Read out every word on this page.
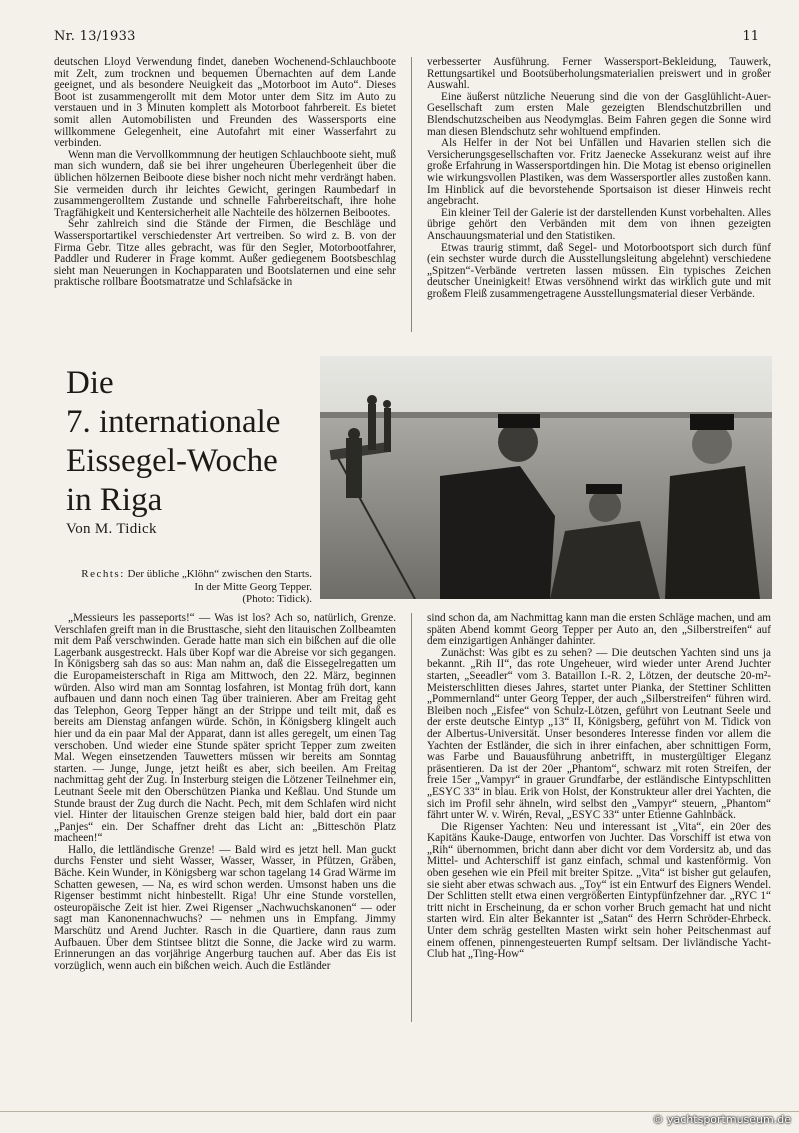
Nr. 13/1933	11

deutschen Lloyd Verwendung findet, daneben Wochenend-Schlauchboote mit Zelt, zum trocknen und bequemen Übernachten auf dem Lande geeignet, und als besondere Neuigkeit das „Motorboot im Auto“. Dieses Boot ist zusammengerollt mit dem Motor unter dem Sitz im Auto zu verstauen und in 3 Minuten komplett als Motorboot fahrbereit. Es bietet somit allen Automobilisten und Freunden des Wassersports eine willkommene Gelegenheit, eine Autofahrt mit einer Wasserfahrt zu verbinden.

Wenn man die Vervollkommnung der heutigen Schlauchboote sieht, muß man sich wundern, daß sie bei ihrer ungeheuren Überlegenheit über die üblichen hölzernen Beiboote diese bisher noch nicht mehr verdrängt haben. Sie vermeiden durch ihr leichtes Gewicht, geringen Raumbedarf in zusammengerolltem Zustande und schnelle Fahrbereitschaft, ihre hohe Tragfähigkeit und Kentersicherheit alle Nachteile des hölzernen Beibootes.

Sehr zahlreich sind die Stände der Firmen, die Beschläge und Wassersportartikel verschiedenster Art vertreiben. So wird z. B. von der Firma Gebr. Titze alles gebracht, was für den Segler, Motorbootfahrer, Paddler und Ruderer in Frage kommt. Außer gediegenem Bootsbeschlag sieht man Neuerungen in Kochapparaten und Bootslaternen und eine sehr praktische rollbare Bootsmatratze und Schlafsäcke in

verbesserter Ausführung. Ferner Wassersport-Bekleidung, Tauwerk, Rettungsartikel und Bootsüberholungsmaterialien preiswert und in großer Auswahl.

Eine äußerst nützliche Neuerung sind die von der Gasglühlicht-Auer-Gesellschaft zum ersten Male gezeigten Blendschutzbrillen und Blendschutzscheiben aus Neodymglas. Beim Fahren gegen die Sonne wird man diesen Blendschutz sehr wohltuend empfinden.

Als Helfer in der Not bei Unfällen und Havarien stellen sich die Versicherungsgesellschaften vor. Fritz Jaenecke Assekuranz weist auf ihre große Erfahrung in Wassersportdingen hin. Die Motag ist ebenso originellen wie wirkungsvollen Plastiken, was dem Wassersportler alles zustoßen kann. Im Hinblick auf die bevorstehende Sportsaison ist dieser Hinweis recht angebracht.

Ein kleiner Teil der Galerie ist der darstellenden Kunst vorbehalten. Alles übrige gehört den Verbänden mit dem von ihnen gezeigten Anschauungsmaterial und den Statistiken.

Etwas traurig stimmt, daß Segel- und Motorbootsport sich durch fünf (ein sechster wurde durch die Ausstellungsleitung abgelehnt) verschiedene „Spitzen“-Verbände vertreten lassen müssen. Ein typisches Zeichen deutscher Uneinigkeit! Etwas versöhnend wirkt das wirklich gute und mit großem Fleiß zusammengetragene Ausstellungsmaterial dieser Verbände.

Die
7. internationale
Eissegel-Woche
in Riga
Von M. Tidick
Rechts: Der übliche „Klöhn“ zwischen den Starts. In der Mitte Georg Tepper.
(Photo: Tidick).

„Messieurs les passeports!“ — Was ist los? Ach so, natürlich, Grenze. Verschlafen greift man in die Brusttasche, sieht den litauischen Zollbeamten mit dem Paß verschwinden. Gerade hatte man sich ein bißchen auf die olle Lagerbank ausgestreckt. Hals über Kopf war die Abreise vor sich gegangen. In Königsberg sah das so aus: Man nahm an, daß die Eissegelregatten um die Europameisterschaft in Riga am Mittwoch, den 22. März, beginnen würden. Also wird man am Sonntag losfahren, ist Montag früh dort, kann aufbauen und dann noch einen Tag über trainieren. Aber am Freitag geht das Telephon, Georg Tepper hängt an der Strippe und teilt mit, daß es bereits am Dienstag anfangen würde. Schön, in Königsberg klingelt auch hier und da ein paar Mal der Apparat, dann ist alles geregelt, um einen Tag verschoben. Und wieder eine Stunde später spricht Tepper zum zweiten Mal. Wegen einsetzenden Tauwetters müssen wir bereits am Sonntag starten. — Junge, Junge, jetzt heißt es aber, sich beeilen. Am Freitag nachmittag geht der Zug. In Insterburg steigen die Lötzener Teilnehmer ein, Leutnant Seele mit den Oberschützen Pianka und Keßlau. Und Stunde um Stunde braust der Zug durch die Nacht. Pech, mit dem Schlafen wird nicht viel. Hinter der litauischen Grenze steigen bald hier, bald dort ein paar „Panjes“ ein. Der Schaffner dreht das Licht an: „Bitteschön Platz macheen!“

Hallo, die lettländische Grenze! — Bald wird es jetzt hell. Man guckt durchs Fenster und sieht Wasser, Wasser, Wasser, in Pfützen, Gräben, Bäche. Kein Wunder, in Königsberg war schon tagelang 14 Grad Wärme im Schatten gewesen, — Na, es wird schon werden. Umsonst haben uns die Rigenser bestimmt nicht hinbestellt. Riga! Uhr eine Stunde vorstellen, osteuropäische Zeit ist hier. Zwei Rigenser „Nachwuchskanonen“ — oder sagt man Kanonennachwuchs? — nehmen uns in Empfang. Jimmy Marschütz und Arend Juchter. Rasch in die Quartiere, dann raus zum Aufbauen. Über dem Stintsee blitzt die Sonne, die Jacke wird zu warm. Erinnerungen an das vorjährige Angerburg tauchen auf. Aber das Eis ist vorzüglich, wenn auch ein bißchen weich. Auch die Estländer

sind schon da, am Nachmittag kann man die ersten Schläge machen, und am späten Abend kommt Georg Tepper per Auto an, den „Silberstreifen“ auf dem einzigartigen Anhänger dahinter.

Zunächst: Was gibt es zu sehen? — Die deutschen Yachten sind uns ja bekannt. „Rih II“, das rote Ungeheuer, wird wieder unter Arend Juchter starten, „Seeadler“ vom 3. Bataillon I.-R. 2, Lötzen, der deutsche 20-m²-Meisterschlitten dieses Jahres, startet unter Pianka, der Stettiner Schlitten „Pommernland“ unter Georg Tepper, der auch „Silberstreifen“ führen wird. Bleiben noch „Eisfee“ von Schulz-Lötzen, geführt von Leutnant Seele und der erste deutsche Eintyp „13“ II, Königsberg, geführt von M. Tidick von der Albertus-Universität. Unser besonderes Interesse finden vor allem die Yachten der Estländer, die sich in ihrer einfachen, aber schnittigen Form, was Farbe und Bauausführung anbetrifft, in mustergültiger Eleganz präsentieren. Da ist der 20er „Phantom“, schwarz mit roten Streifen, der freie 15er „Vampyr“ in grauer Grundfarbe, der estländische Eintypschlitten „ESYC 33“ in blau. Erik von Holst, der Konstrukteur aller drei Yachten, die sich im Profil sehr ähneln, wird selbst den „Vampyr“ steuern, „Phantom“ fährt unter W. v. Wirén, Reval, „ESYC 33“ unter Etienne Gahlnbäck.

Die Rigenser Yachten: Neu und interessant ist „Vita“, ein 20er des Kapitäns Kauke-Dauge, entworfen von Juchter. Das Vorschiff ist etwa von „Rih“ übernommen, bricht dann aber dicht vor dem Vordersitz ab, und das Mittel- und Achterschiff ist ganz einfach, schmal und kastenförmig. Von oben gesehen wie ein Pfeil mit breiter Spitze. „Vita“ ist bisher gut gelaufen, sie sieht aber etwas schwach aus. „Toy“ ist ein Entwurf des Eigners Wendel. Der Schlitten stellt etwa einen vergrößerten Eintypfünfzehner dar. „RYC 1“ tritt nicht in Erscheinung, da er schon vorher Bruch gemacht hat und nicht starten wird. Ein alter Bekannter ist „Satan“ des Herrn Schröder-Ehrbeck. Unter dem schräg gestellten Masten wirkt sein hoher Peitschenmast auf einem offenen, pinnengesteuerten Rumpf seltsam. Der livländische Yacht-Club hat „Ting-How“

© yachtsportmuseum.de
